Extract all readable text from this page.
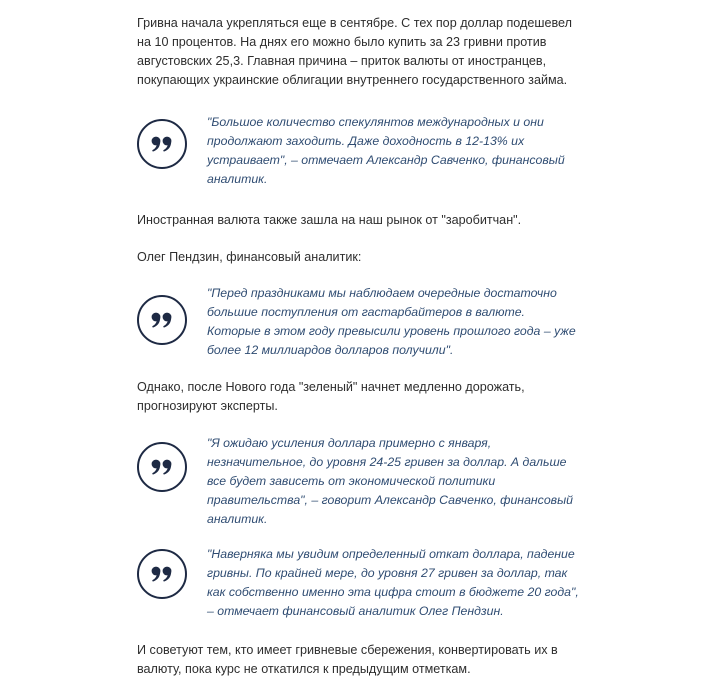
Гривна начала укрепляться еще в сентябре. С тех пор доллар подешевел на 10 процентов. На днях его можно было купить за 23 гривни против августовских 25,3. Главная причина – приток валюты от иностранцев, покупающих украинские облигации внутреннего государственного займа.

"Большое количество спекулянтов международных и они продолжают заходить. Даже доходность в 12-13% их устраивает", – отмечает Александр Савченко, финансовый аналитик.

Иностранная валюта также зашла на наш рынок от "заробитчан".

Олег Пендзин, финансовый аналитик:

"Перед праздниками мы наблюдаем очередные достаточно большие поступления от гастарбайтеров в валюте. Которые в этом году превысили уровень прошлого года – уже более 12 миллиардов долларов получили".

Однако, после Нового года "зеленый" начнет медленно дорожать, прогнозируют эксперты.

"Я ожидаю усиления доллара примерно с января, незначительное, до уровня 24-25 гривен за доллар. А дальше все будет зависеть от экономической политики правительства", – говорит Александр Савченко, финансовый аналитик.

"Наверняка мы увидим определенный откат доллара, падение гривны. По крайней мере, до уровня 27 гривен за доллар, так как собственно именно эта цифра стоит в бюджете 20 года", – отмечает финансовый аналитик Олег Пендзин.

И советуют тем, кто имеет гривневые сбережения, конвертировать их в валюту, пока курс не откатился к предыдущим отметкам.
